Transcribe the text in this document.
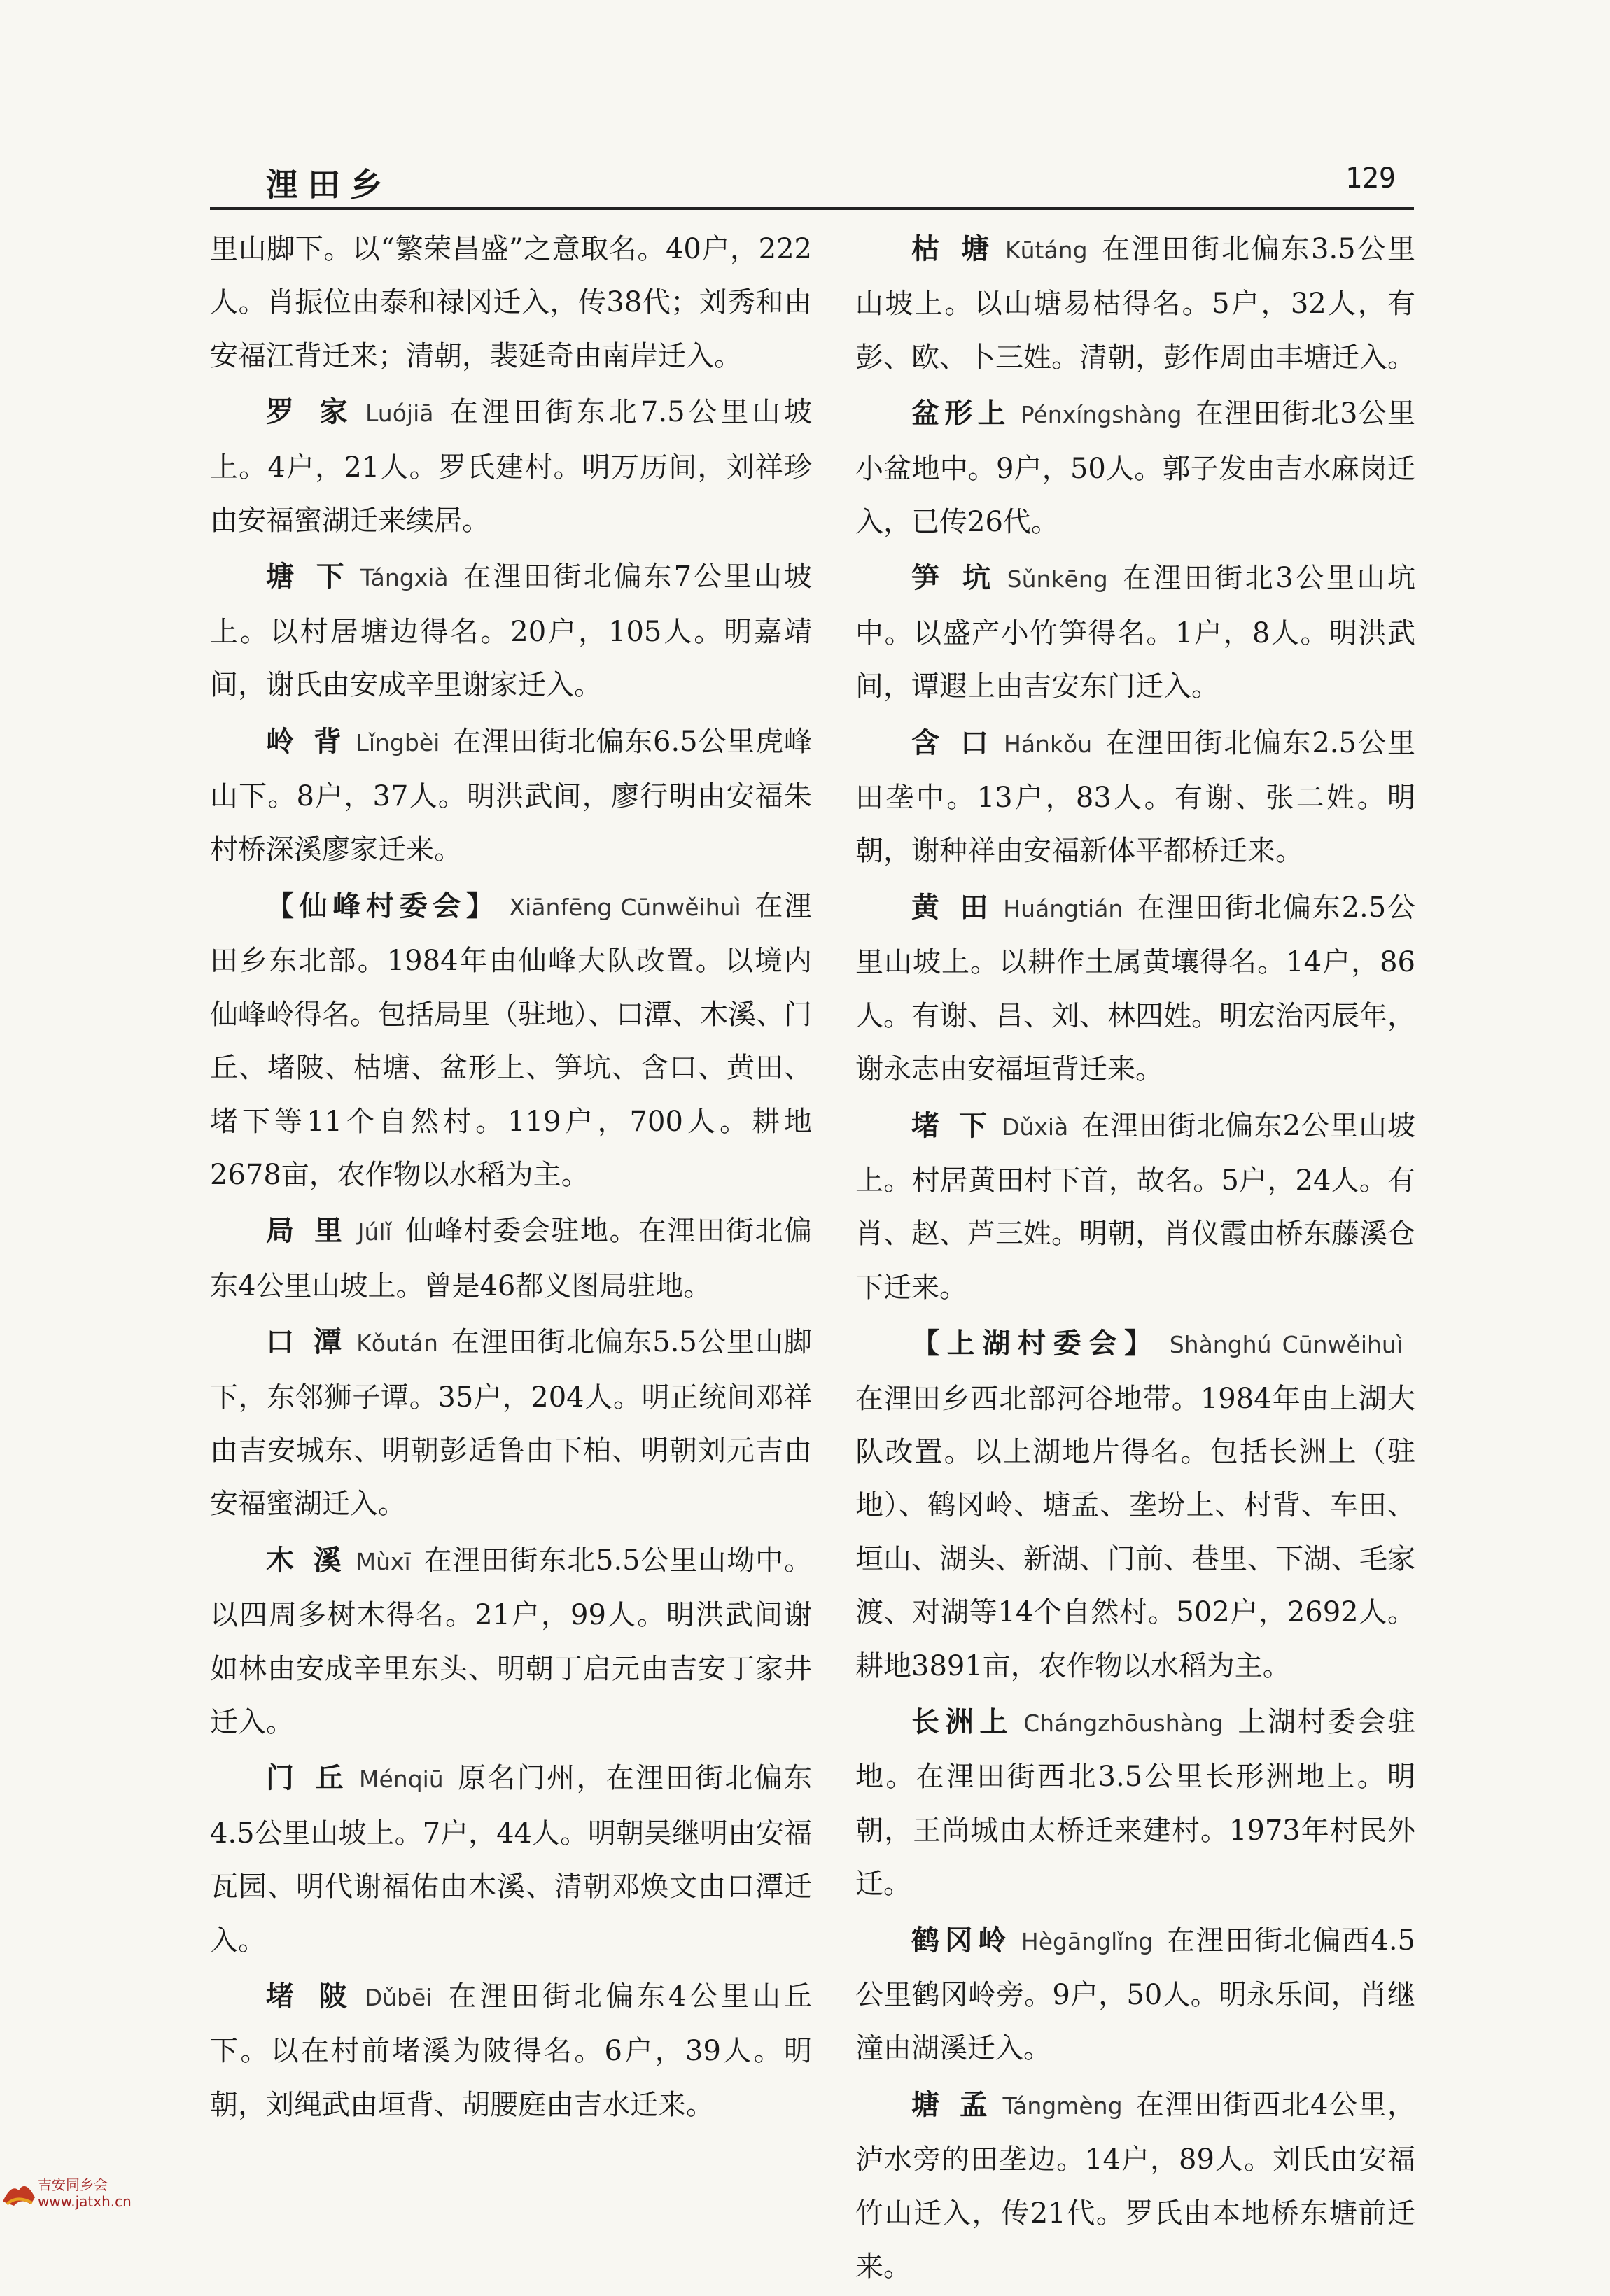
浬田乡	129

里山脚下。以“繁荣昌盛”之意取名。40户，222人。肖振位由泰和禄冈迁入，传38代；刘秀和由安福江背迁来；清朝，裴延奇由南岸迁入。

罗 家 Luójiā 在浬田街东北7.5公里山坡上。4户，21人。罗氏建村。明万历间，刘祥珍由安福蜜湖迁来续居。

塘 下 Tángxià 在浬田街北偏东7公里山坡上。以村居塘边得名。20户，105人。明嘉靖间，谢氏由安成辛里谢家迁入。

岭 背 Lǐngbèi 在浬田街北偏东6.5公里虎峰山下。8户，37人。明洪武间，廖行明由安福朱村桥深溪廖家迁来。

【仙峰村委会】 Xiānfēng Cūnwěihuì 在浬田乡东北部。1984年由仙峰大队改置。以境内仙峰岭得名。包括局里（驻地）、口潭、木溪、门丘、堵陂、枯塘、盆形上、笋坑、含口、黄田、堵下等11个自然村。119户，700人。耕地2678亩，农作物以水稻为主。

局 里 Júlǐ 仙峰村委会驻地。在浬田街北偏东4公里山坡上。曾是46都义图局驻地。

口 潭 Kǒután 在浬田街北偏东5.5公里山脚下，东邻狮子谭。35户，204人。明正统间邓祥由吉安城东、明朝彭适鲁由下柏、明朝刘元吉由安福蜜湖迁入。

木 溪 Mùxī 在浬田街东北5.5公里山坳中。以四周多树木得名。21户，99人。明洪武间谢如林由安成辛里东头、明朝丁启元由吉安丁家井迁入。

门 丘 Ménqiū 原名门州，在浬田街北偏东4.5公里山坡上。7户，44人。明朝吴继明由安福瓦园、明代谢福佑由木溪、清朝邓焕文由口潭迁入。

堵 陂 Dǔbēi 在浬田街北偏东4公里山丘下。以在村前堵溪为陂得名。6户，39人。明朝，刘绳武由垣背、胡腰庭由吉水迁来。

枯 塘 Kūtáng 在浬田街北偏东3.5公里山坡上。以山塘易枯得名。5户，32人，有彭、欧、卜三姓。清朝，彭作周由丰塘迁入。

盆形上 Pénxíngshàng 在浬田街北3公里小盆地中。9户，50人。郭子发由吉水麻岗迁入，已传26代。

笋 坑 Sǔnkēng 在浬田街北3公里山坑中。以盛产小竹笋得名。1户，8人。明洪武间，谭遐上由吉安东门迁入。

含 口 Hánkǒu 在浬田街北偏东2.5公里田垄中。13户，83人。有谢、张二姓。明朝，谢种祥由安福新体平都桥迁来。

黄 田 Huángtián 在浬田街北偏东2.5公里山坡上。以耕作土属黄壤得名。14户，86人。有谢、吕、刘、林四姓。明宏治丙辰年，谢永志由安福垣背迁来。

堵 下 Dǔxià 在浬田街北偏东2公里山坡上。村居黄田村下首，故名。5户，24人。有肖、赵、芦三姓。明朝，肖仪霞由桥东藤溪仓下迁来。

【上湖村委会】 Shànghú Cūnwěihuì在浬田乡西北部河谷地带。1984年由上湖大队改置。以上湖地片得名。包括长洲上（驻地）、鹤冈岭、塘孟、垄坋上、村背、车田、垣山、湖头、新湖、门前、巷里、下湖、毛家渡、对湖等14个自然村。502户，2692人。耕地3891亩，农作物以水稻为主。

长洲上 Chángzhōushàng 上湖村委会驻地。在浬田街西北3.5公里长形洲地上。明朝，王尚城由太桥迁来建村。1973年村民外迁。

鹤冈岭 Hègānglǐng 在浬田街北偏西4.5公里鹤冈岭旁。9户，50人。明永乐间，肖继潼由湖溪迁入。

塘 孟 Tángmèng 在浬田街西北4公里，泸水旁的田垄边。14户，89人。刘氏由安福竹山迁入，传21代。罗氏由本地桥东塘前迁来。

吉安同乡会
www.jatxh.cn
